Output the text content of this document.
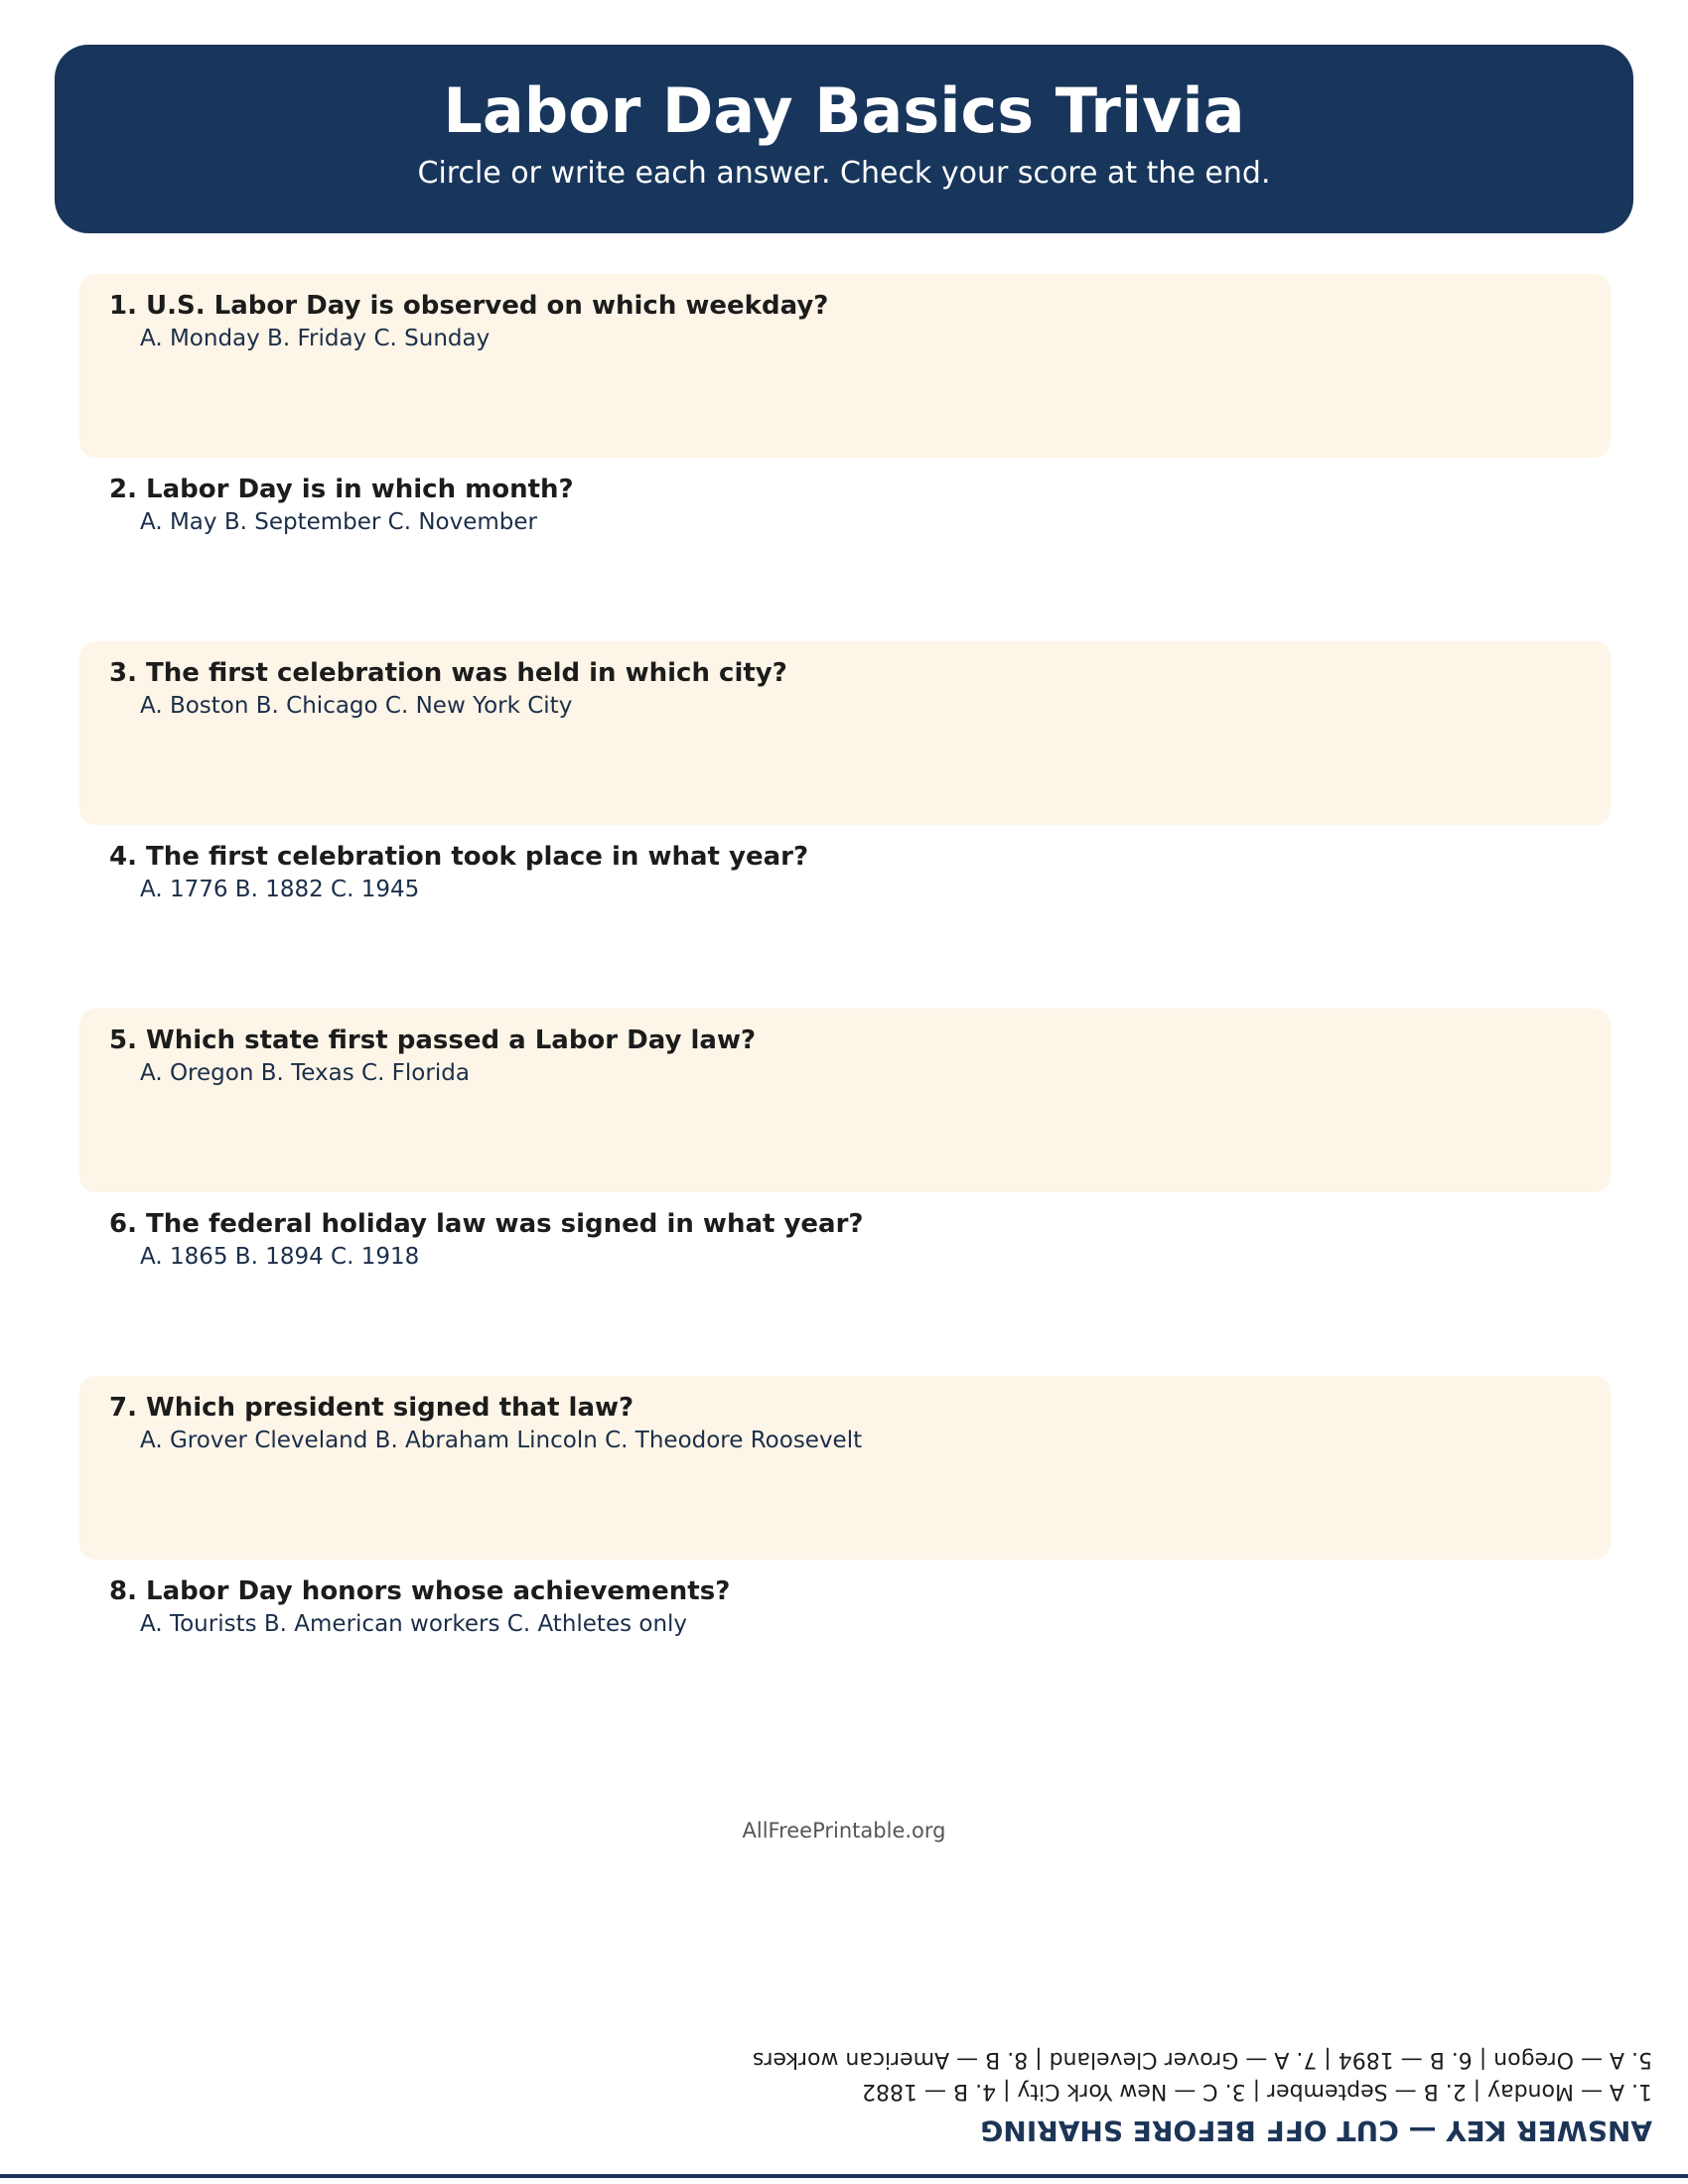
Labor Day Basics Trivia
Circle or write each answer. Check your score at the end.
1. U.S. Labor Day is observed on which weekday?
A. Monday B. Friday C. Sunday
2. Labor Day is in which month?
A. May B. September C. November
3. The first celebration was held in which city?
A. Boston B. Chicago C. New York City
4. The first celebration took place in what year?
A. 1776 B. 1882 C. 1945
5. Which state first passed a Labor Day law?
A. Oregon B. Texas C. Florida
6. The federal holiday law was signed in what year?
A. 1865 B. 1894 C. 1918
7. Which president signed that law?
A. Grover Cleveland B. Abraham Lincoln C. Theodore Roosevelt
8. Labor Day honors whose achievements?
A. Tourists B. American workers C. Athletes only
AllFreePrintable.org
ANSWER KEY — CUT OFF BEFORE SHARING
1. A — Monday | 2. B — September | 3. C — New York City | 4. B — 1882
5. A — Oregon | 6. B — 1894 | 7. A — Grover Cleveland | 8. B — American workers
